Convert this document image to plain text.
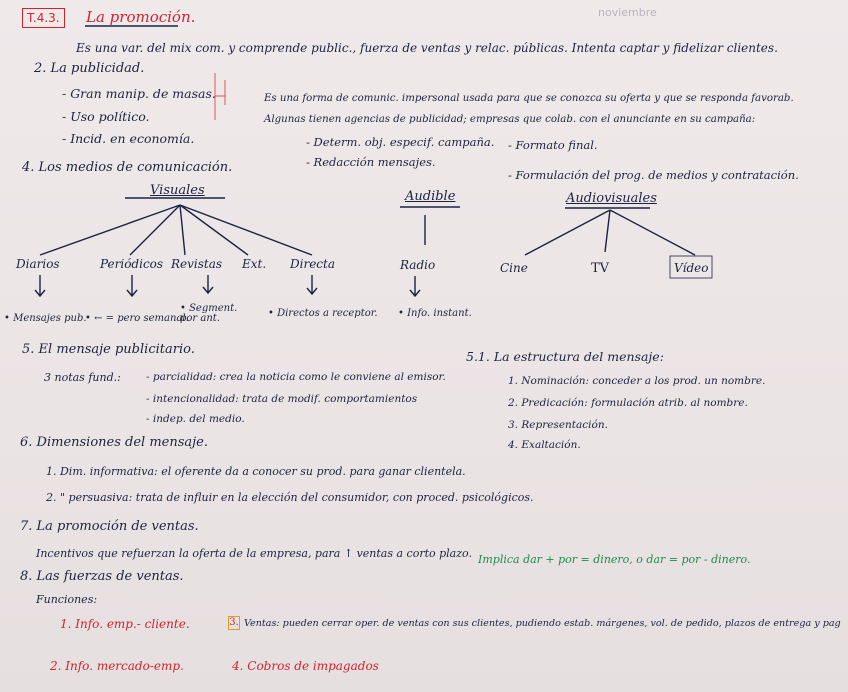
T.4.3.	La promoción.	noviembre
Es una var. del mix com. y comprende public., fuerza de ventas y relac. públicas. Intenta captar y fidelizar clientes.
2. La publicidad.
- Gran manip. de masas.
- Uso político.
- Incid. en economía.
Es una forma de comunic. impersonal usada para que se conozca su oferta y que se responda favorab.
Algunas tienen agencias de publicidad; empresas que colab. con el anunciante en su campaña:
- Determ. obj. especif. campaña.
- Redacción mensajes.
- Formato final.
- Formulación del prog. de medios y contratación.
4. Los medios de comunicación.
Visuales	Audible	Audiovisuales
Diarios	Periódicos Revistas Ext. Directa	Radio	Cine	TV	Vídeo
• Mensajes pub.
• ← = pero semanal.
• Segment. por ant.	• Directos a receptor. • Info. instant.
5. El mensaje publicitario.
3 notas fund.: - parcialidad: crea la noticia como le conviene al emisor.
- intencionalidad: trata de modif. comportamientos
- indep. del medio.
5.1. La estructura del mensaje:
1. Nominación: conceder a los prod. un nombre.
2. Predicación: formulación atrib. al nombre.
3. Representación.
4. Exaltación.
6. Dimensiones del mensaje.
1. Dim. informativa: el oferente da a conocer su prod. para ganar clientela.
2. " persuasiva: trata de influir en la elección del consumidor, con proced. psicológicos.
7. La promoción de ventas.
Incentivos que refuerzan la oferta de la empresa, para ↑ ventas a corto plazo. Implica dar + por = dinero, o dar = por - dinero.
8. Las fuerzas de ventas.
Funciones:
1. Info. emp.- cliente.
2. Info. mercado-emp.
3. Ventas: pueden cerrar oper. de ventas con sus clientes, pudiendo estab. márgenes, vol. de pedido, plazos de entrega y pag
4. Cobros de impagados
